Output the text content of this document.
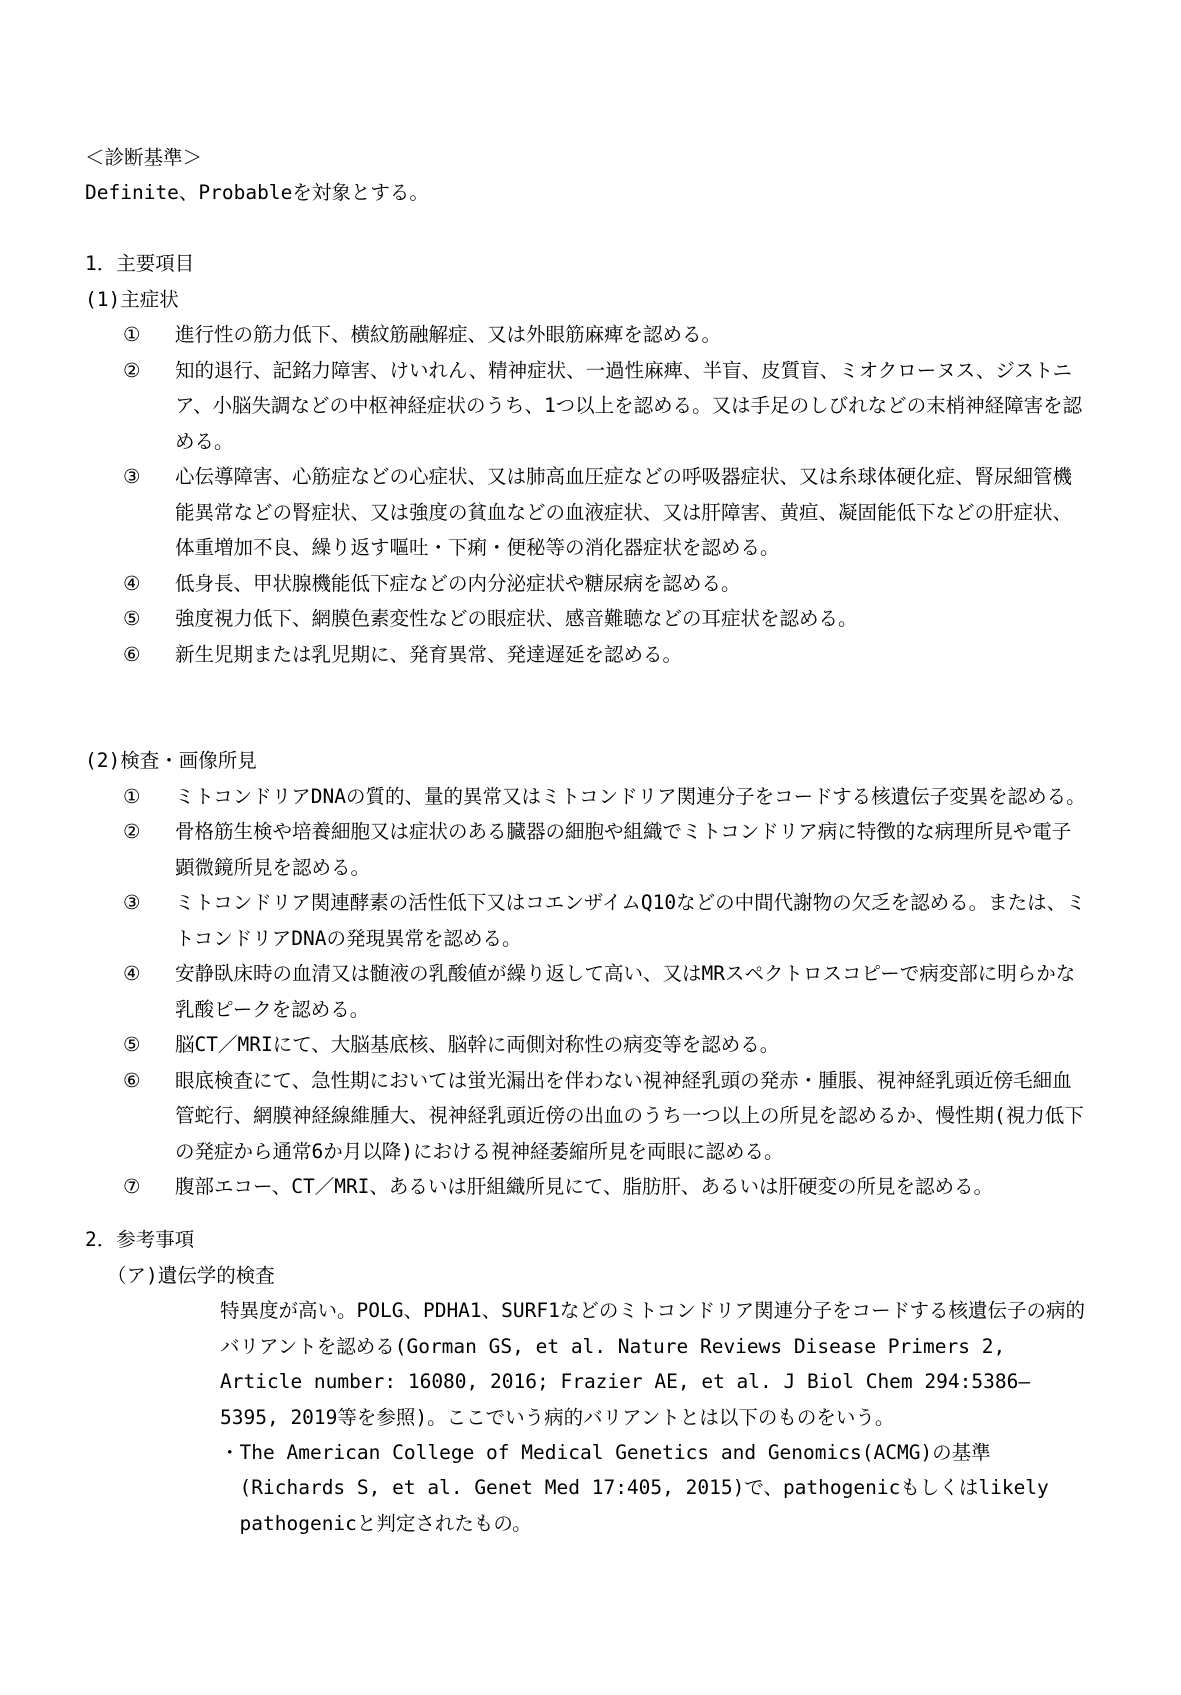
＜診断基準＞
Definite、Probableを対象とする。
1．主要項目
(1)主症状
①	進行性の筋力低下、横紋筋融解症、又は外眼筋麻痺を認める。
②	知的退行、記銘力障害、けいれん、精神症状、一過性麻痺、半盲、皮質盲、ミオクローヌス、ジストニア、小脳失調などの中枢神経症状のうち、1つ以上を認める。又は手足のしびれなどの末梢神経障害を認める。
③	心伝導障害、心筋症などの心症状、又は肺高血圧症などの呼吸器症状、又は糸球体硬化症、腎尿細管機能異常などの腎症状、又は強度の貧血などの血液症状、又は肝障害、黄疸、凝固能低下などの肝症状、体重増加不良、繰り返す嘔吐・下痢・便秘等の消化器症状を認める。
④	低身長、甲状腺機能低下症などの内分泌症状や糖尿病を認める。
⑤	強度視力低下、網膜色素変性などの眼症状、感音難聴などの耳症状を認める。
⑥	新生児期または乳児期に、発育異常、発達遅延を認める。
(2)検査・画像所見
①	ミトコンドリアDNAの質的、量的異常又はミトコンドリア関連分子をコードする核遺伝子変異を認める。
②	骨格筋生検や培養細胞又は症状のある臓器の細胞や組織でミトコンドリア病に特徴的な病理所見や電子顕微鏡所見を認める。
③	ミトコンドリア関連酵素の活性低下又はコエンザイムQ10などの中間代謝物の欠乏を認める。または、ミトコンドリアDNAの発現異常を認める。
④	安静臥床時の血清又は髄液の乳酸値が繰り返して高い、又はMRスペクトロスコピーで病変部に明らかな乳酸ピークを認める。
⑤	脳CT／MRIにて、大脳基底核、脳幹に両側対称性の病変等を認める。
⑥	眼底検査にて、急性期においては蛍光漏出を伴わない視神経乳頭の発赤・腫脹、視神経乳頭近傍毛細血管蛇行、網膜神経線維腫大、視神経乳頭近傍の出血のうち一つ以上の所見を認めるか、慢性期(視力低下の発症から通常6か月以降)における視神経萎縮所見を両眼に認める。
⑦	腹部エコー、CT／MRI、あるいは肝組織所見にて、脂肪肝、あるいは肝硬変の所見を認める。
2．参考事項
（ア)遺伝学的検査
特異度が高い。POLG、PDHA1、SURF1などのミトコンドリア関連分子をコードする核遺伝子の病的バリアントを認める(Gorman GS, et al. Nature Reviews Disease Primers 2, Article number: 16080, 2016; Frazier AE, et al. J Biol Chem 294:5386—5395, 2019等を参照)。ここでいう病的バリアントとは以下のものをいう。
・ The American College of Medical Genetics and Genomics(ACMG)の基準(Richards S, et al. Genet Med 17:405, 2015)で、pathogenicもしくはlikely pathogenicと判定されたもの。
